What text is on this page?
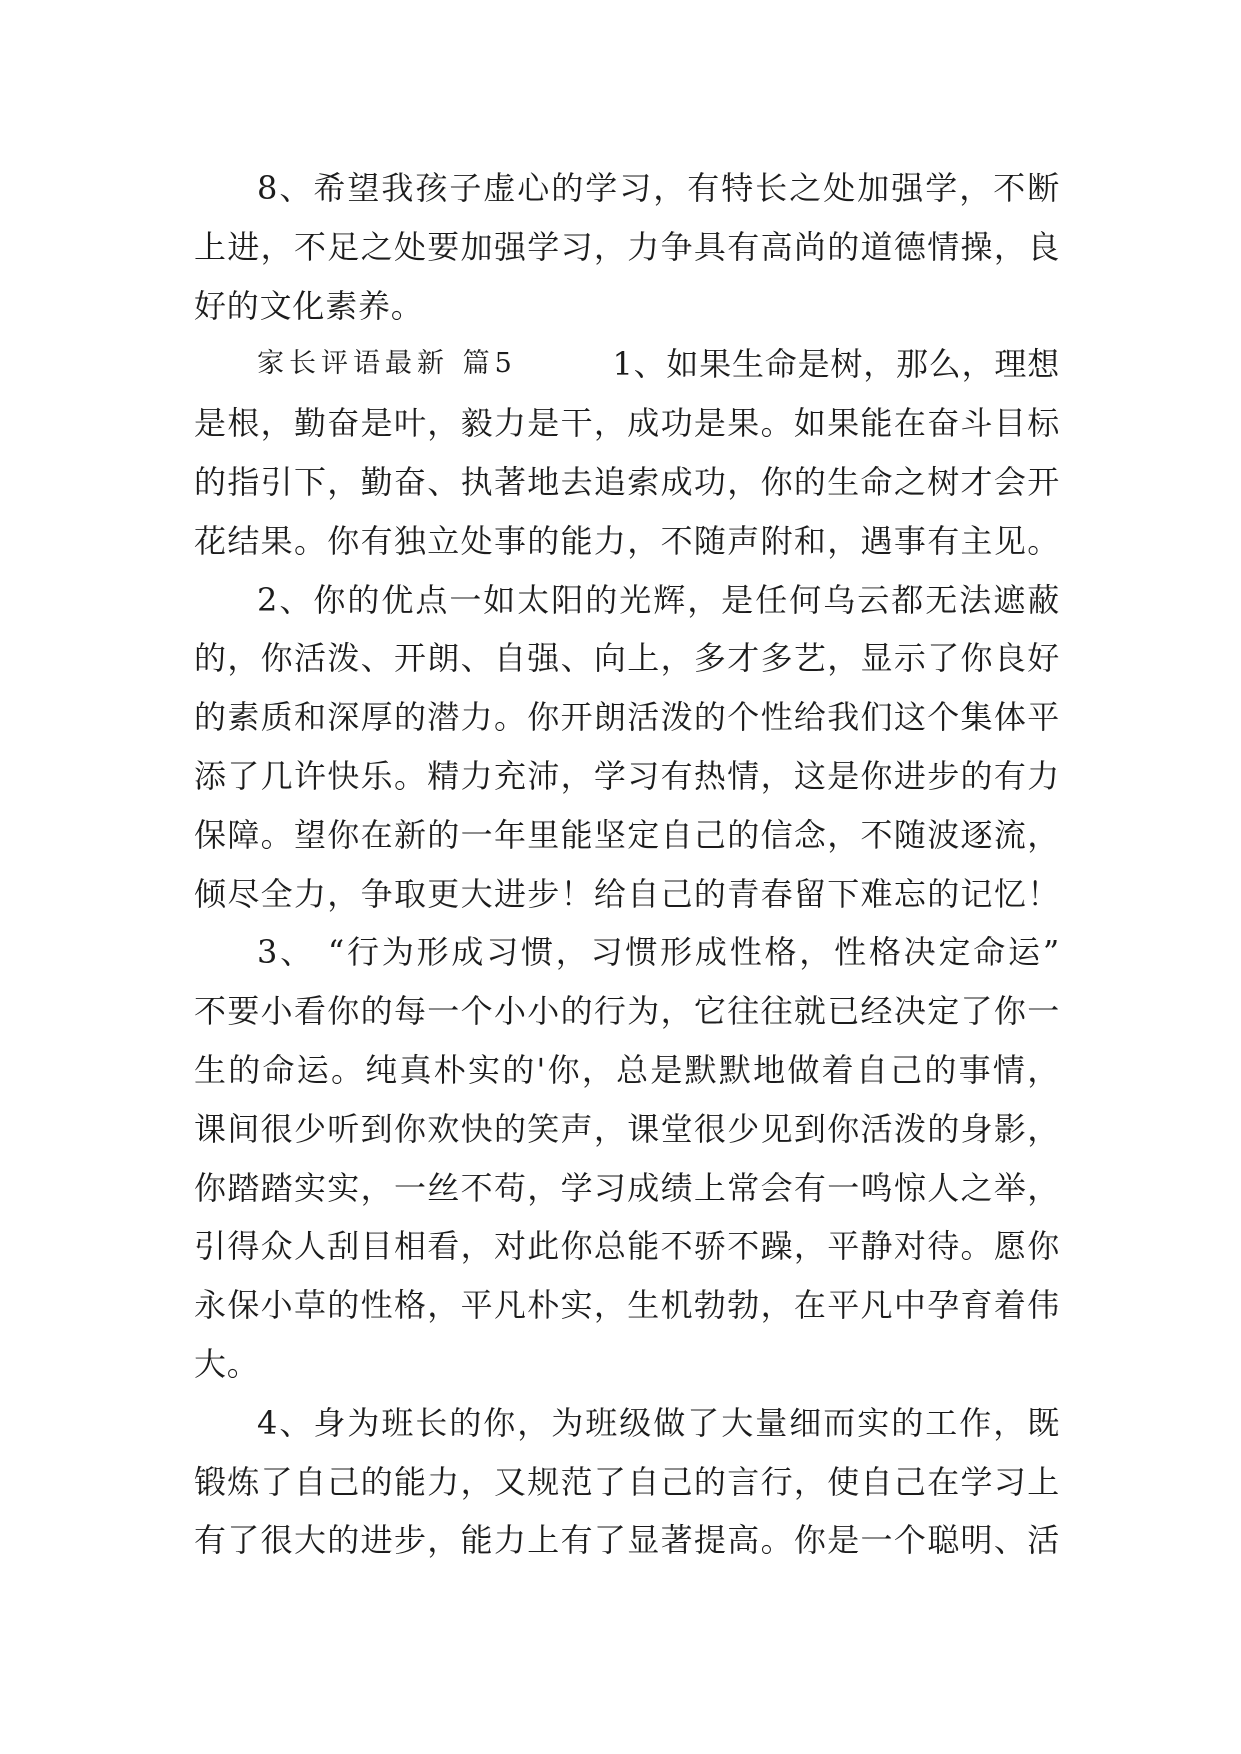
8、希望我孩子虚心的学习，有特长之处加强学，不断
上进，不足之处要加强学习，力争具有高尚的道德情操，良
好的文化素养。
家长评语最新 篇5	1、如果生命是树，那么，理想
是根，勤奋是叶，毅力是干，成功是果。如果能在奋斗目标
的指引下，勤奋、执著地去追索成功，你的生命之树才会开
花结果。你有独立处事的能力，不随声附和，遇事有主见。
2、你的优点一如太阳的光辉，是任何乌云都无法遮蔽
的，你活泼、开朗、自强、向上，多才多艺，显示了你良好
的素质和深厚的潜力。你开朗活泼的个性给我们这个集体平
添了几许快乐。精力充沛，学习有热情，这是你进步的有力
保障。望你在新的一年里能坚定自己的信念，不随波逐流，
倾尽全力，争取更大进步！给自己的青春留下难忘的记忆！
3、 “行为形成习惯，习惯形成性格，性格决定命运”
不要小看你的每一个小小的行为，它往往就已经决定了你一
生的命运。纯真朴实的'你，总是默默地做着自己的事情，
课间很少听到你欢快的笑声，课堂很少见到你活泼的身影，
你踏踏实实，一丝不苟，学习成绩上常会有一鸣惊人之举，
引得众人刮目相看，对此你总能不骄不躁，平静对待。愿你
永保小草的性格，平凡朴实，生机勃勃，在平凡中孕育着伟
大。
4、身为班长的你，为班级做了大量细而实的工作，既
锻炼了自己的能力，又规范了自己的言行，使自己在学习上
有了很大的进步，能力上有了显著提高。你是一个聪明、活
